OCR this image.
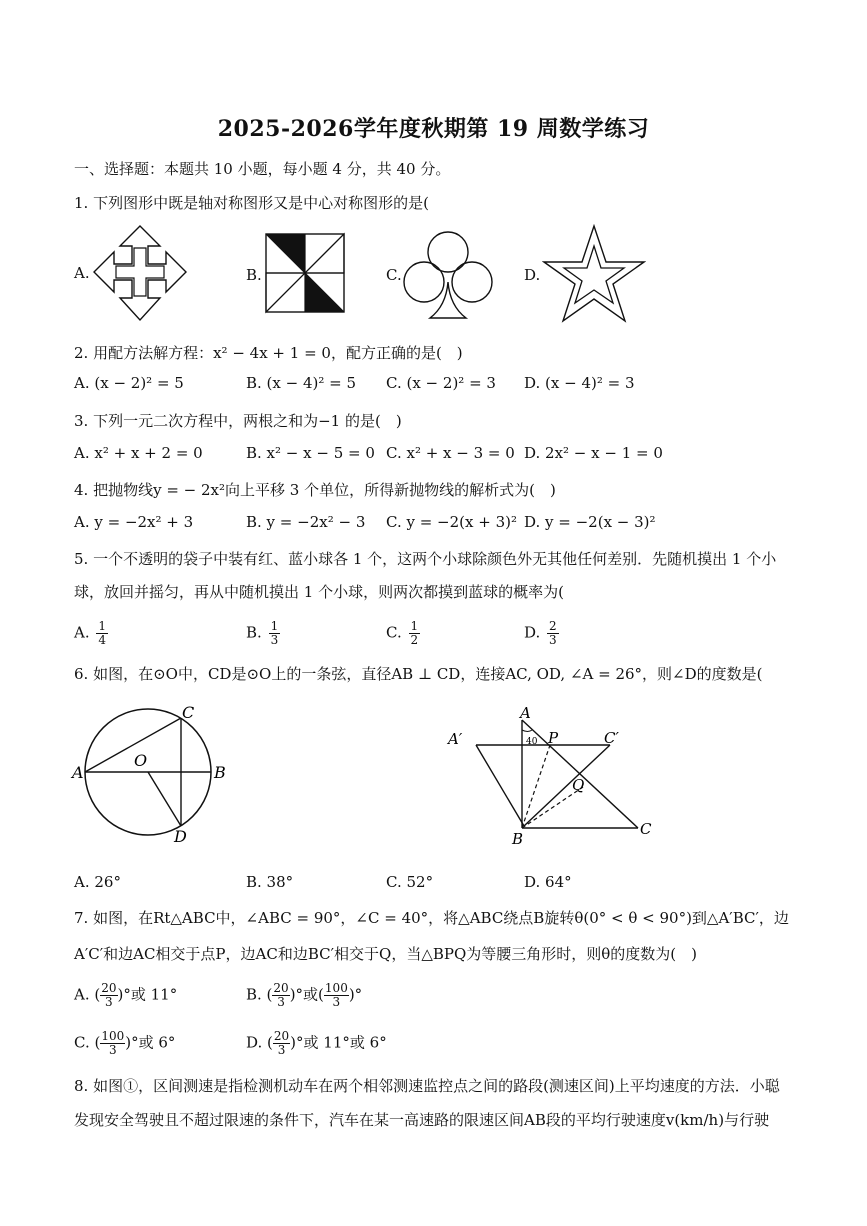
2025-2026学年度秋期第 19 周数学练习
一、选择题：本题共 10 小题，每小题 4 分，共 40 分。
1. 下列图形中既是轴对称图形又是中心对称图形的是(
A.	B.	C.	D.
2. 用配方法解方程：x² − 4x + 1 = 0，配方正确的是(　)
A. (x − 2)² = 5	B. (x − 4)² = 5 C. (x − 2)² = 3 D. (x − 4)² = 3
3. 下列一元二次方程中，两根之和为−1 的是(　)
A. x² + x + 2 = 0	B. x² − x − 5 = 0 C. x² + x − 3 = 0 D. 2x² − x − 1 = 0
4. 把抛物线y = − 2x²向上平移 3 个单位，所得新抛物线的解析式为(　)
A. y = −2x² + 3	B. y = −2x² − 3 C. y = −2(x + 3)² D. y = −2(x − 3)²
5. 一个不透明的袋子中装有红、蓝小球各 1 个，这两个小球除颜色外无其他任何差别．先随机摸出 1 个小
球，放回并摇匀，再从中随机摸出 1 个小球，则两次都摸到蓝球的概率为(
A. $\frac{1}{4}$	B. $\frac{1}{3}$	C. $\frac{1}{2}$	D. $\frac{2}{3}$
6. 如图，在⊙O中，CD是⊙O上的一条弦，直径AB ⊥ CD，连接AC, OD, ∠A = 26°，则∠D的度数是(
A	B
C
D
O
A
A′	P	C′
Q
B
C
40
A. 26°	B. 38°	C. 52°	D. 64°
7. 如图，在Rt△ABC中，∠ABC = 90°，∠C = 40°，将△ABC绕点B旋转θ(0° < θ < 90°)到△A′BC′，边
A′C′和边AC相交于点P，边AC和边BC′相交于Q，当△BPQ为等腰三角形时，则θ的度数为(　)
A. ( $\frac{20}{3}$ )°或 11°	B. ( $\frac{20}{3}$ )°或( $\frac{100}{3}$ )°
C. ( $\frac{100}{3}$ )°或 6°	D. ( $\frac{20}{3}$ )°或 11°或 6°
8. 如图①，区间测速是指检测机动车在两个相邻测速监控点之间的路段(测速区间)上平均速度的方法．小聪
发现安全驾驶且不超过限速的条件下，汽车在某一高速路的限速区间AB段的平均行驶速度v(km/h)与行驶
